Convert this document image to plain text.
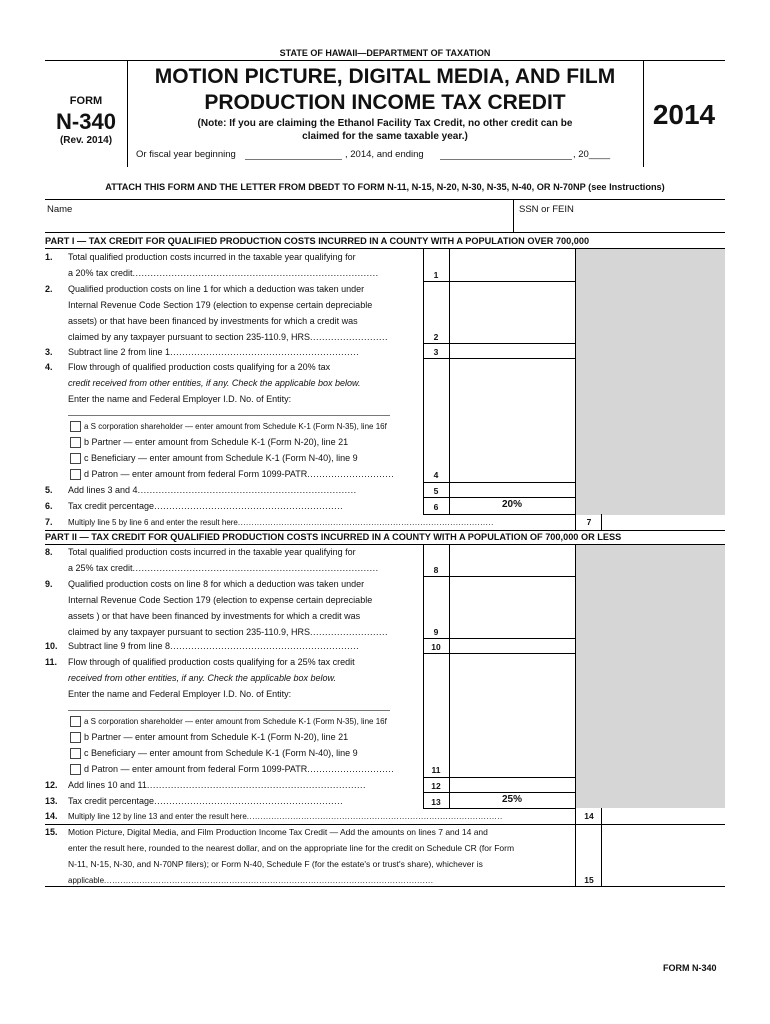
STATE OF HAWAII—DEPARTMENT OF TAXATION
FORM
N-340
(Rev. 2014)
MOTION PICTURE, DIGITAL MEDIA, AND FILM
PRODUCTION INCOME TAX CREDIT
(Note: If you are claiming the Ethanol Facility Tax Credit, no other credit can be
claimed for the same taxable year.)
Or fiscal year beginning	, 2014, and ending	, 20____
2014
ATTACH THIS FORM AND THE LETTER FROM DBEDT TO FORM N-11, N-15, N-20, N-30, N-35, N-40, OR N-70NP (see Instructions)
Name	SSN or FEIN
PART I — TAX CREDIT FOR QUALIFIED PRODUCTION COSTS INCURRED IN A COUNTY WITH A POPULATION OVER 700,000
1. Total qualified production costs incurred in the taxable year qualifying for
a 20% tax credit..................................................................................	1
2. Qualified production costs on line 1 for which a deduction was taken under
Internal Revenue Code Section 179 (election to expense certain depreciable
assets) or that have been financed by investments for which a credit was
claimed by any taxpayer pursuant to section 235-110.9, HRS..........................	2
3. Subtract line 2 from line 1...............................................................	3
4. Flow through of qualified production costs qualifying for a 20% tax
credit received from other entities, if any. Check the applicable box below.
Enter the name and Federal Employer I.D. No. of Entity:
a S corporation shareholder — enter amount from Schedule K-1 (Form N-35), line 16f
b Partner — enter amount from Schedule K-1 (Form N-20), line 21
c Beneficiary — enter amount from Schedule K-1 (Form N-40), line 9
d Patron — enter amount from federal Form 1099-PATR.............................	4
5. Add lines 3 and 4.........................................................................	5
6. Tax credit percentage...............................................................	6	20%
7. Multiply line 5 by line 6 and enter the result here..............................................................................................	7
PART II — TAX CREDIT FOR QUALIFIED PRODUCTION COSTS INCURRED IN A COUNTY WITH A POPULATION OF 700,000 OR LESS
8. Total qualified production costs incurred in the taxable year qualifying for
a 25% tax credit..................................................................................	8
9. Qualified production costs on line 8 for which a deduction was taken under
Internal Revenue Code Section 179 (election to expense certain depreciable
assets ) or that have been financed by investments for which a credit was
claimed by any taxpayer pursuant to section 235-110.9, HRS..........................	9
10. Subtract line 9 from line 8...............................................................	10
11. Flow through of qualified production costs qualifying for a 25% tax credit
received from other entities, if any. Check the applicable box below.
Enter the name and Federal Employer I.D. No. of Entity:
a S corporation shareholder — enter amount from Schedule K-1 (Form N-35), line 16f
b Partner — enter amount from Schedule K-1 (Form N-20), line 21
c Beneficiary — enter amount from Schedule K-1 (Form N-40), line 9
d Patron — enter amount from federal Form 1099-PATR.............................	11
12. Add lines 10 and 11.........................................................................	12
13. Tax credit percentage...............................................................	13	25%
14. Multiply line 12 by line 13 and enter the result here..............................................................................................	14
15. Motion Picture, Digital Media, and Film Production Income Tax Credit — Add the amounts on lines 7 and 14 and
enter the result here, rounded to the nearest dollar, and on the appropriate line for the credit on Schedule CR (for Form
N-11, N-15, N-30, and N-70NP filers); or Form N-40, Schedule F (for the estate's or trust's share), whichever is
applicable.........................................................................................................................	15
FORM N-340
